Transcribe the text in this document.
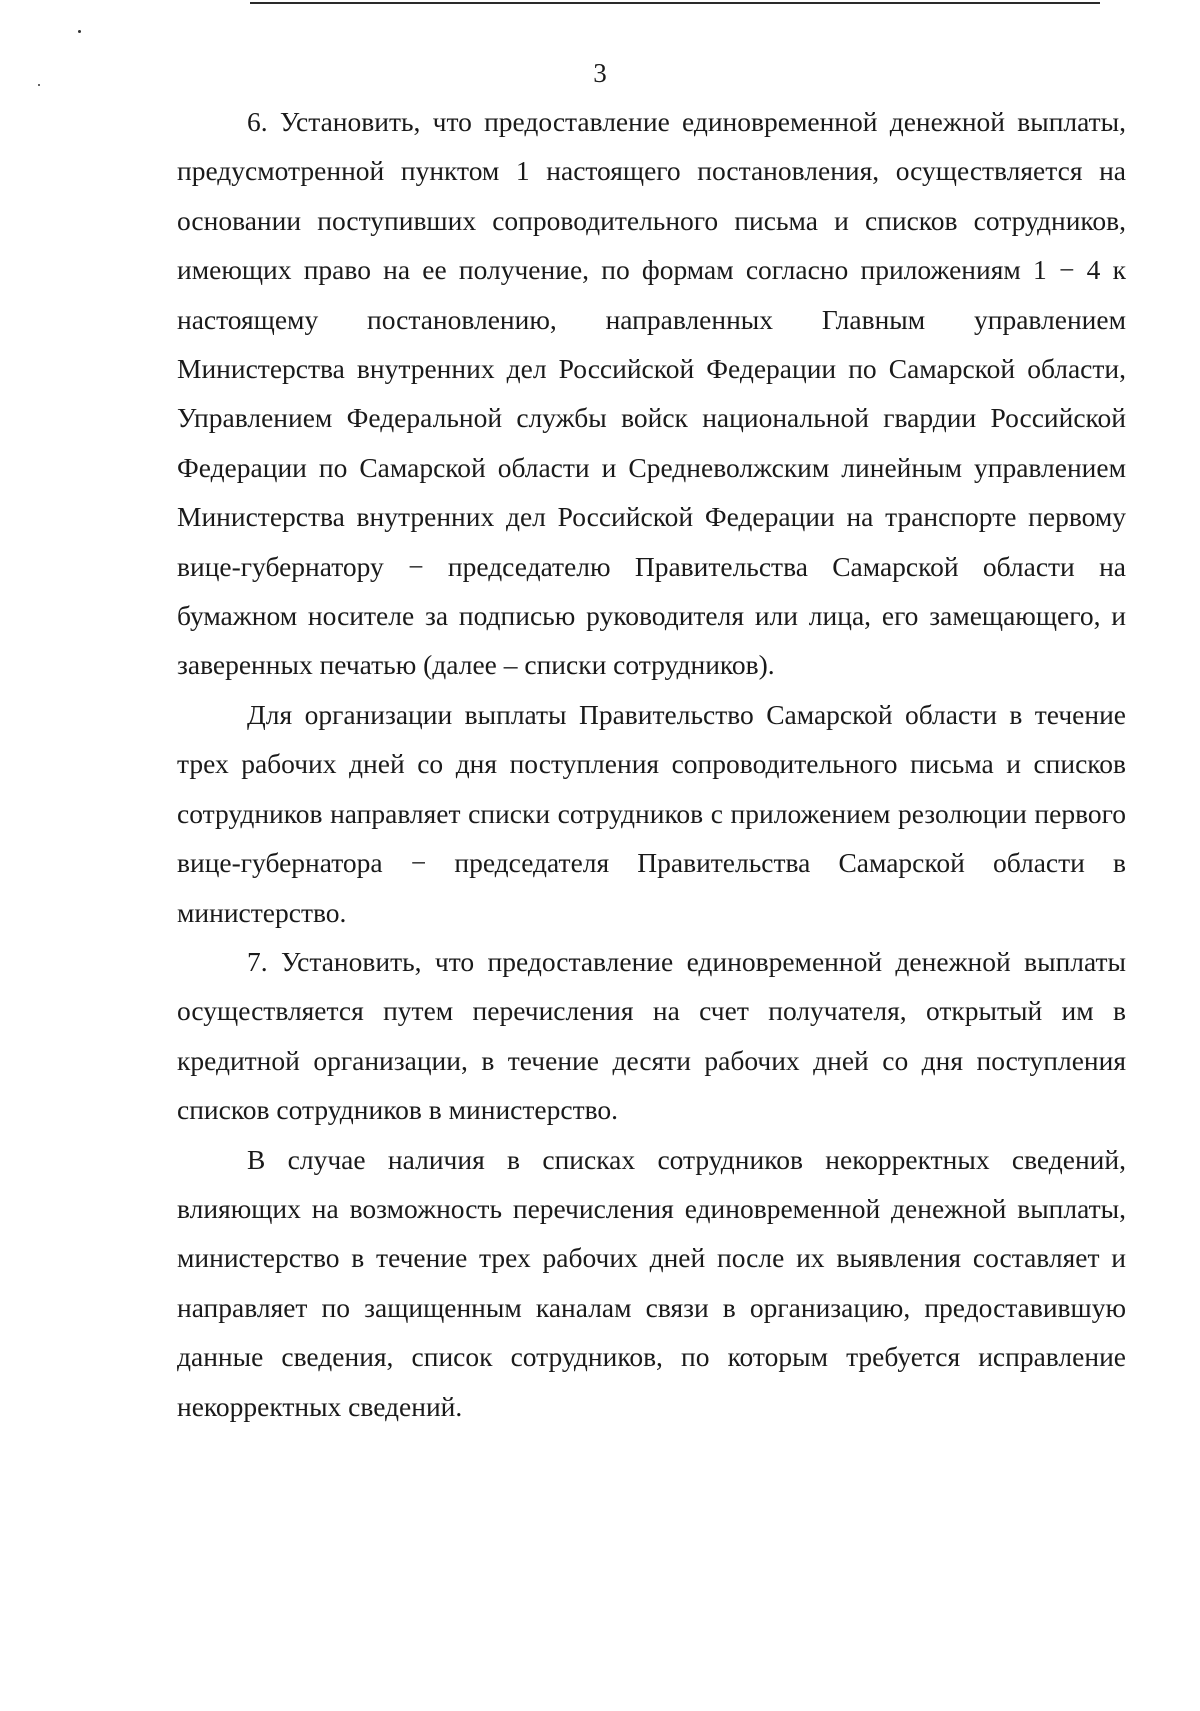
3

6. Установить, что предоставление единовременной денежной выплаты, предусмотренной пунктом 1 настоящего постановления, осуществляется на основании поступивших сопроводительного письма и списков сотрудников, имеющих право на ее получение, по формам согласно приложениям 1 − 4 к настоящему постановлению, направленных Главным управлением Министерства внутренних дел Российской Федерации по Самарской области, Управлением Федеральной службы войск национальной гвардии Российской Федерации по Самарской области и Средневолжским линейным управлением Министерства внутренних дел Российской Федерации на транспорте первому вице-губернатору − председателю Правительства Самарской области на бумажном носителе за подписью руководителя или лица, его замещающего, и заверенных печатью (далее – списки сотрудников).

Для организации выплаты Правительство Самарской области в течение трех рабочих дней со дня поступления сопроводительного письма и списков сотрудников направляет списки сотрудников с приложением резолюции первого вице-губернатора − председателя Правительства Самарской области в министерство.

7. Установить, что предоставление единовременной денежной выплаты осуществляется путем перечисления на счет получателя, открытый им в кредитной организации, в течение десяти рабочих дней со дня поступления списков сотрудников в министерство.

В случае наличия в списках сотрудников некорректных сведений, влияющих на возможность перечисления единовременной денежной выплаты, министерство в течение трех рабочих дней после их выявления составляет и направляет по защищенным каналам связи в организацию, предоставившую данные сведения, список сотрудников, по которым требуется исправление некорректных сведений.
